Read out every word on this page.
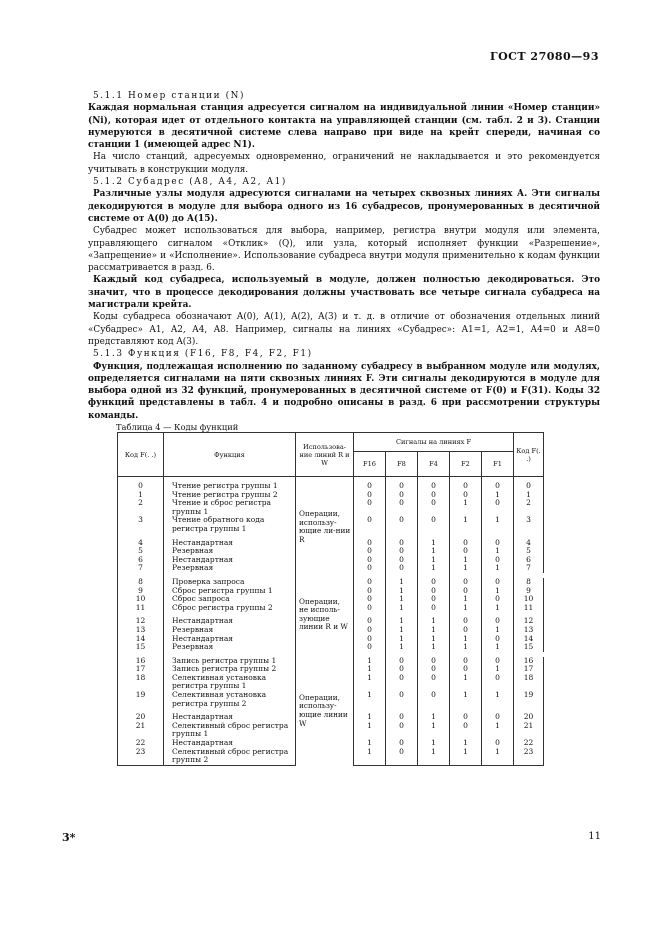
ГОСТ 27080—93

5.1.1 Номер станции (N)

Каждая нормальная станция адресуется сигналом на индивидуальной линии «Номер станции» (Ni), которая идет от отдельного контакта на управляющей станции (см. табл. 2 и 3). Станции нумеруются в десятичной системе слева направо при виде на крейт спереди, начиная со станции 1 (имеющей адрес N1).

На число станций, адресуемых одновременно, ограничений не накладывается и это рекомендуется учитывать в конструкции модуля.

5.1.2 Субадрес (A8, A4, A2, A1)

Различные узлы модуля адресуются сигналами на четырех сквозных линиях А. Эти сигналы декодируются в модуле для выбора одного из 16 субадресов, пронумерованных в десятичной системе от A(0) до A(15).

Субадрес может использоваться для выбора, например, регистра внутри модуля или элемента, управляющего сигналом «Отклик» (Q), или узла, который исполняет функции «Разрешение», «Запрещение» и «Исполнение». Использование субадреса внутри модуля применительно к кодам функции рассматривается в разд. 6.

Каждый код субадреса, используемый в модуле, должен полностью декодироваться. Это значит, что в процессе декодирования должны участвовать все четыре сигнала субадреса на магистрали крейта.

Коды субадреса обозначают A(0), A(1), A(2), A(3) и т. д. в отличие от обозначения отдельных линий «Субадрес» A1, A2, A4, A8. Например, сигналы на линиях «Субадрес»: A1=1, A2=1, A4=0 и A8=0 представляют код A(3).

5.1.3 Функция (F16, F8, F4, F2, F1)

Функция, подлежащая исполнению по заданному субадресу в выбранном модуле или модулях, определяется сигналами на пяти сквозных линиях F. Эти сигналы декодируются в модуле для выбора одной из 32 функций, пронумерованных в десятичной системе от F(0) и F(31). Коды 32 функций представлены в табл. 4 и подробно описаны в разд. 6 при рассмотрении структуры команды.

Таблица 4 — Коды функций
Код F(. .)	Функция	Использова-ние линий R и W	Сигналы на линиях F					Код F(. .)
			F16	F8	F4	F2	F1	

0	Чтение регистра группы 1	Операции, использу-ющие ли-нии R	0	0	0	0	0	0
1	Чтение регистра группы 2		0	0	0	0	1	1
2	Чтение и сброс регистра группы 1		0	0	0	1	0	2
3	Чтение обратного кода регистра группы 1		0	0	0	1	1	3

4	Нестандартная		0	0	1	0	0	4
5	Резервная		0	0	1	0	1	5
6	Нестандартная		0	0	1	1	0	6
7	Резервная		0	0	1	1	1	7

8	Проверка запроса	Операции, не исполь-зующие линии R и W	0	1	0	0	0	8
9	Сброс регистра группы 1		0	1	0	0	1	9
10	Сброс запроса		0	1	0	1	0	10
11	Сброс регистра группы 2		0	1	0	1	1	11

12	Нестандартная		0	1	1	0	0	12
13	Резервная		0	1	1	0	1	13
14	Нестандартная		0	1	1	1	0	14
15	Резервная		0	1	1	1	1	15

16	Запись регистра группы 1	Операции, использу-ющие линии W	1	0	0	0	0	16
17	Запись регистра группы 2		1	0	0	0	1	17
18	Селективная установка регистра группы 1		1	0	0	1	0	18
19	Селективная установка регистра группы 2		1	0	0	1	1	19

20	Нестандартная		1	0	1	0	0	20
21	Селективный сброс регистра группы 1		1	0	1	0	1	21
22	Нестандартная		1	0	1	1	0	22
23	Селективный сброс регистра группы 2		1	0	1	1	1	23
3*	11
